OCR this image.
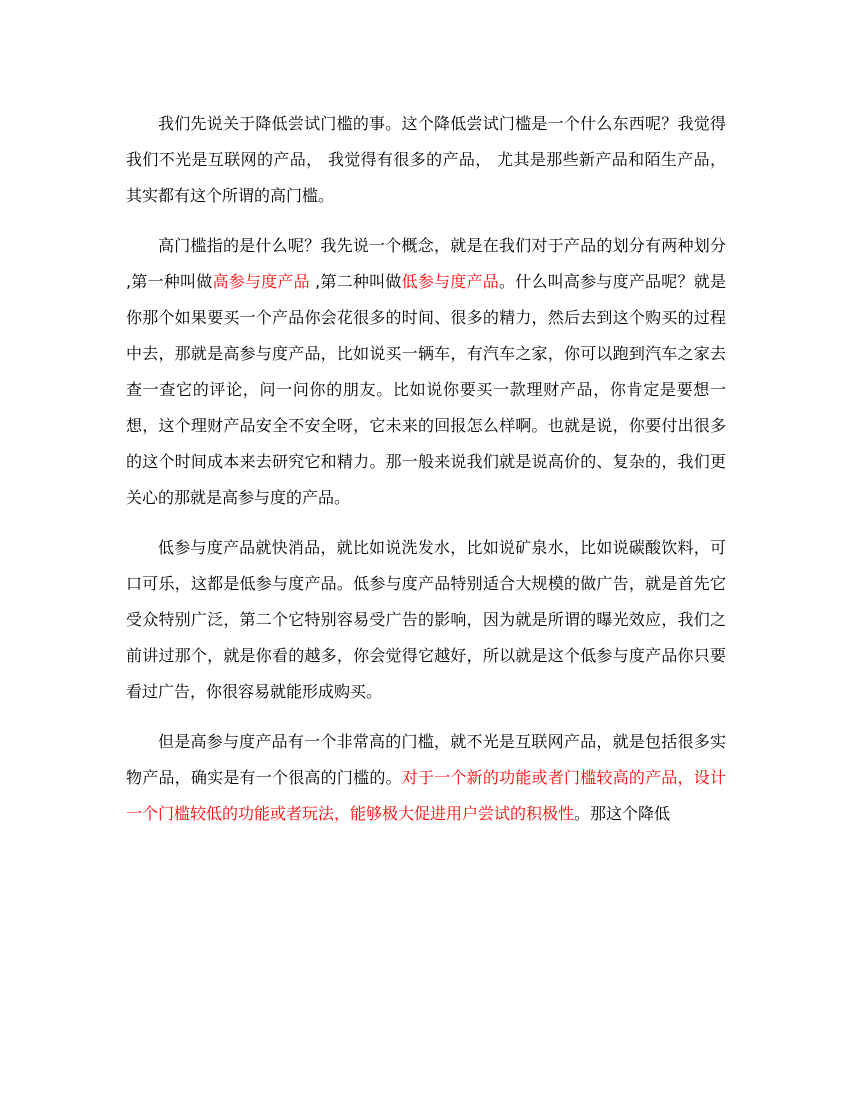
我们先说关于降低尝试门槛的事。这个降低尝试门槛是一个什么东西呢？我觉得我们不光是互联网的产品， 我觉得有很多的产品， 尤其是那些新产品和陌生产品，其实都有这个所谓的高门槛。

高门槛指的是什么呢？我先说一个概念，就是在我们对于产品的划分有两种划分 ,第一种叫做高参与度产品 ,第二种叫做低参与度产品。什么叫高参与度产品呢？就是你那个如果要买一个产品你会花很多的时间、很多的精力，然后去到这个购买的过程中去，那就是高参与度产品，比如说买一辆车，有汽车之家，你可以跑到汽车之家去查一查它的评论，问一问你的朋友。比如说你要买一款理财产品，你肯定是要想一想，这个理财产品安全不安全呀，它未来的回报怎么样啊。也就是说，你要付出很多的这个时间成本来去研究它和精力。那一般来说我们就是说高价的、复杂的，我们更关心的那就是高参与度的产品。

低参与度产品就快消品，就比如说洗发水，比如说矿泉水，比如说碳酸饮料，可口可乐，这都是低参与度产品。低参与度产品特别适合大规模的做广告，就是首先它受众特别广泛，第二个它特别容易受广告的影响，因为就是所谓的曝光效应，我们之前讲过那个，就是你看的越多，你会觉得它越好，所以就是这个低参与度产品你只要看过广告，你很容易就能形成购买。

但是高参与度产品有一个非常高的门槛，就不光是互联网产品，就是包括很多实物产品，确实是有一个很高的门槛的。对于一个新的功能或者门槛较高的产品，设计一个门槛较低的功能或者玩法，能够极大促进用户尝试的积极性。那这个降低
